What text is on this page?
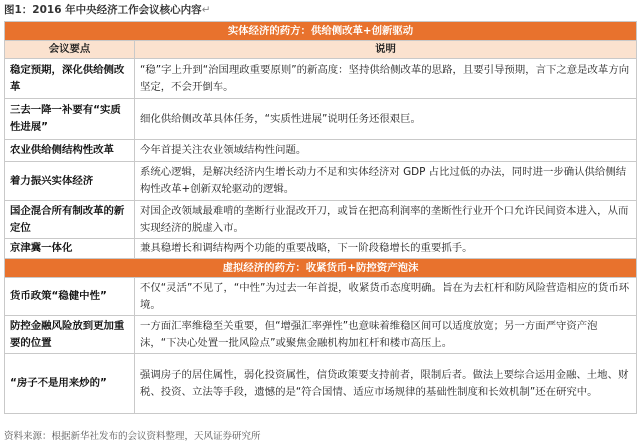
图1：2016 年中央经济工作会议核心内容↵
实体经济的药方：供给侧改革+创新驱动	
会议要点	说明
稳定预期，深化供给侧改革	“稳”字上升到“治国理政重要原则”的新高度：坚持供给侧改革的思路，且要引导预期，言下之意是改革方向坚定，不会开倒车。
三去一降一补要有“实质性进展”	细化供给侧改革具体任务，“实质性进展”说明任务还很艰巨。
农业供给侧结构性改革	今年首提关注农业领域结构性问题。
着力振兴实体经济	系统心逻辑，是解决经济内生增长动力不足和实体经济对 GDP 占比过低的办法，同时进一步确认供给侧结构性改革+创新双轮驱动的逻辑。
国企混合所有制改革的新定位	对国企改领域最难啃的垄断行业混改开刀，或旨在把高利润率的垄断性行业开个口允许民间资本进入，从而实现经济的脱虚入市。
京津冀一体化	兼具稳增长和调结构两个功能的重要战略，下一阶段稳增长的重要抓手。
虚拟经济的药方：收紧货币+防控资产泡沫	
货币政策“稳健中性”	不仅“灵活”不见了，“中性”为过去一年首提，收紧货币态度明确。旨在为去杠杆和防风险营造相应的货币环境。
防控金融风险放到更加重要的位置	一方面汇率维稳至关重要，但“增强汇率弹性”也意味着维稳区间可以适度放宽；另一方面严守资产泡沫，“下决心处置一批风险点”或聚焦金融机构加杠杆和楼市高压上。
“房子不是用来炒的”	强调房子的居住属性，弱化投资属性，信贷政策要支持前者，限制后者。做法上要综合运用金融、土地、财税、投资、立法等手段，遗憾的是“符合国情、适应市场规律的基础性制度和长效机制”还在研究中。
资料来源：根据新华社发布的会议资料整理，天风证券研究所
